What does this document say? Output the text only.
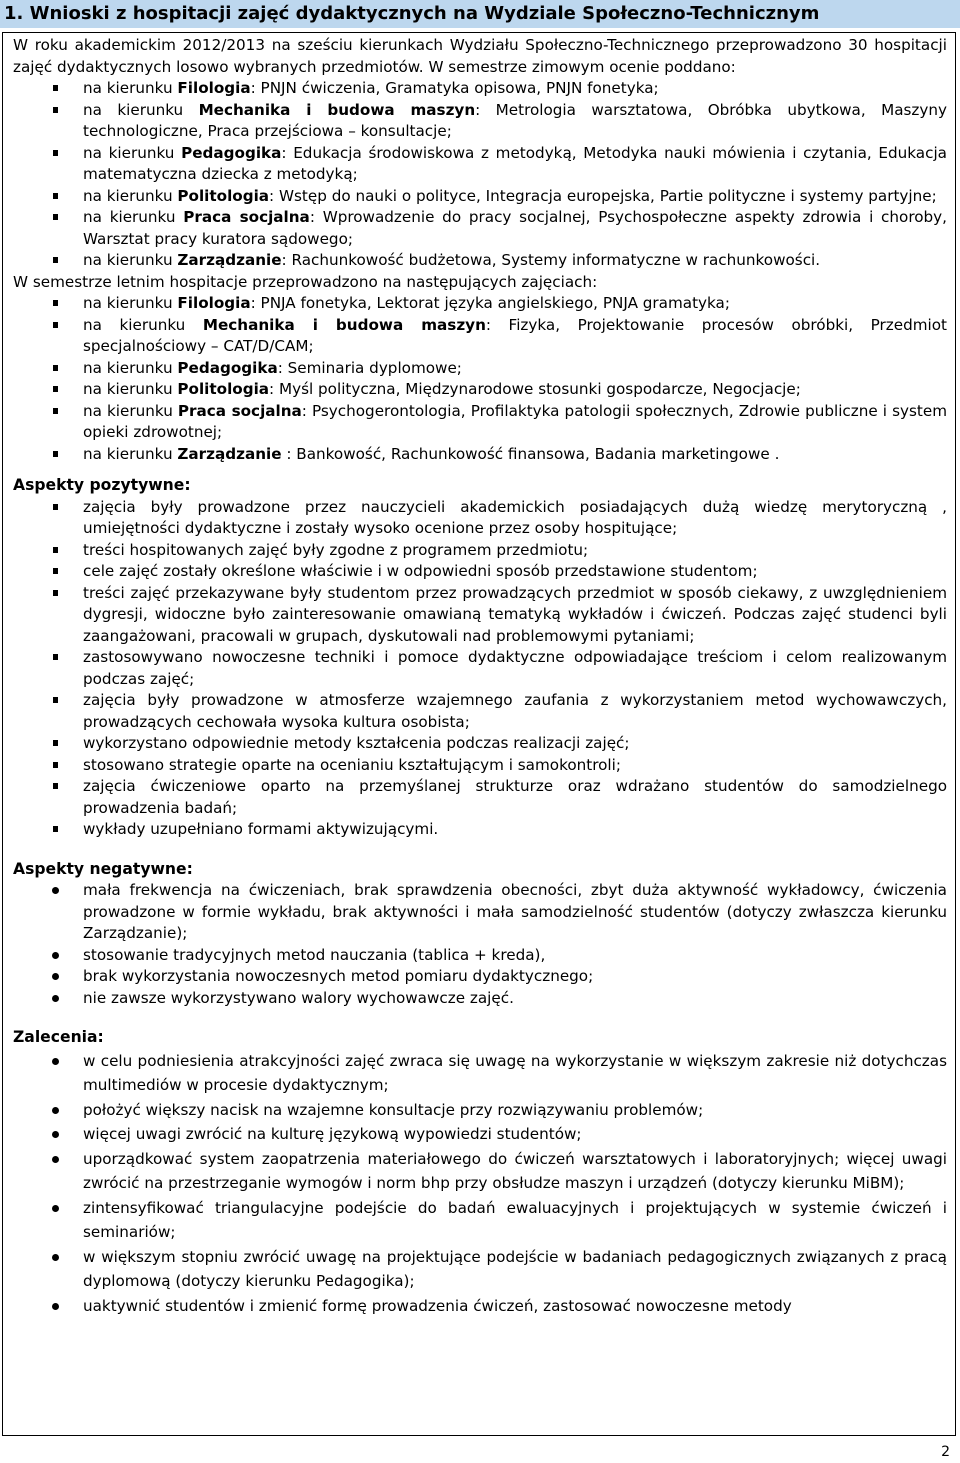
1. Wnioski z hospitacji zajęć dydaktycznych na Wydziale Społeczno-Technicznym

W roku akademickim 2012/2013 na sześciu kierunkach Wydziału Społeczno-Technicznego przeprowadzono 30 hospitacji zajęć dydaktycznych losowo wybranych przedmiotów. W semestrze zimowym ocenie poddano:

na kierunku Filologia: PNJN ćwiczenia, Gramatyka opisowa, PNJN fonetyka;
na kierunku Mechanika i budowa maszyn: Metrologia warsztatowa, Obróbka ubytkowa, Maszyny technologiczne, Praca przejściowa – konsultacje;
na kierunku Pedagogika: Edukacja środowiskowa z metodyką, Metodyka nauki mówienia i czytania, Edukacja matematyczna dziecka z metodyką;
na kierunku Politologia: Wstęp do nauki o polityce, Integracja europejska, Partie polityczne i systemy partyjne;
na kierunku Praca socjalna: Wprowadzenie do pracy socjalnej, Psychospołeczne aspekty zdrowia i choroby, Warsztat pracy kuratora sądowego;
na kierunku Zarządzanie: Rachunkowość budżetowa, Systemy informatyczne w rachunkowości.

W semestrze letnim hospitacje przeprowadzono na następujących zajęciach:

na kierunku Filologia: PNJA fonetyka, Lektorat języka angielskiego, PNJA gramatyka;
na kierunku Mechanika i budowa maszyn: Fizyka, Projektowanie procesów obróbki, Przedmiot specjalnościowy – CAT/D/CAM;
na kierunku Pedagogika: Seminaria dyplomowe;
na kierunku Politologia: Myśl polityczna, Międzynarodowe stosunki gospodarcze, Negocjacje;
na kierunku Praca socjalna: Psychogerontologia, Profilaktyka patologii społecznych, Zdrowie publiczne i system opieki zdrowotnej;
na kierunku Zarządzanie : Bankowość, Rachunkowość finansowa, Badania marketingowe .

Aspekty pozytywne:

zajęcia były prowadzone przez nauczycieli akademickich posiadających dużą wiedzę merytoryczną , umiejętności dydaktyczne i zostały wysoko ocenione przez osoby hospitujące;
treści hospitowanych zajęć były zgodne z programem przedmiotu;
cele zajęć zostały określone właściwie i w odpowiedni sposób przedstawione studentom;
treści zajęć przekazywane były studentom przez prowadzących przedmiot w sposób ciekawy, z uwzględnieniem dygresji, widoczne było zainteresowanie omawianą tematyką wykładów i ćwiczeń. Podczas zajęć studenci byli zaangażowani, pracowali w grupach, dyskutowali nad problemowymi pytaniami;
zastosowywano nowoczesne techniki i pomoce dydaktyczne odpowiadające treściom i celom realizowanym podczas zajęć;
zajęcia były prowadzone w atmosferze wzajemnego zaufania z wykorzystaniem metod wychowawczych, prowadzących cechowała wysoka kultura osobista;
wykorzystano odpowiednie metody kształcenia podczas realizacji zajęć;
stosowano strategie oparte na ocenianiu kształtującym i samokontroli;
zajęcia ćwiczeniowe oparto na przemyślanej strukturze oraz wdrażano studentów do samodzielnego prowadzenia badań;
wykłady uzupełniano formami aktywizującymi.

Aspekty negatywne:

mała frekwencja na ćwiczeniach, brak sprawdzenia obecności, zbyt duża aktywność wykładowcy, ćwiczenia prowadzone w formie wykładu, brak aktywności i mała samodzielność studentów (dotyczy zwłaszcza kierunku Zarządzanie);
stosowanie tradycyjnych metod nauczania (tablica + kreda),
brak wykorzystania nowoczesnych metod pomiaru dydaktycznego;
nie zawsze wykorzystywano walory wychowawcze zajęć.

Zalecenia:

w celu podniesienia atrakcyjności zajęć zwraca się uwagę na wykorzystanie w większym zakresie niż dotychczas multimediów w procesie dydaktycznym;
położyć większy nacisk na wzajemne konsultacje przy rozwiązywaniu problemów;
więcej uwagi zwrócić na kulturę językową wypowiedzi studentów;
uporządkować system zaopatrzenia materiałowego do ćwiczeń warsztatowych i laboratoryjnych; więcej uwagi zwrócić na przestrzeganie wymogów i norm bhp przy obsłudze maszyn i urządzeń (dotyczy kierunku MiBM);
zintensyfikować triangulacyjne podejście do badań ewaluacyjnych i projektujących w systemie ćwiczeń i seminariów;
w większym stopniu zwrócić uwagę na projektujące podejście w badaniach pedagogicznych związanych z pracą dyplomową (dotyczy kierunku Pedagogika);
uaktywnić studentów i zmienić formę prowadzenia ćwiczeń, zastosować nowoczesne metody
2
